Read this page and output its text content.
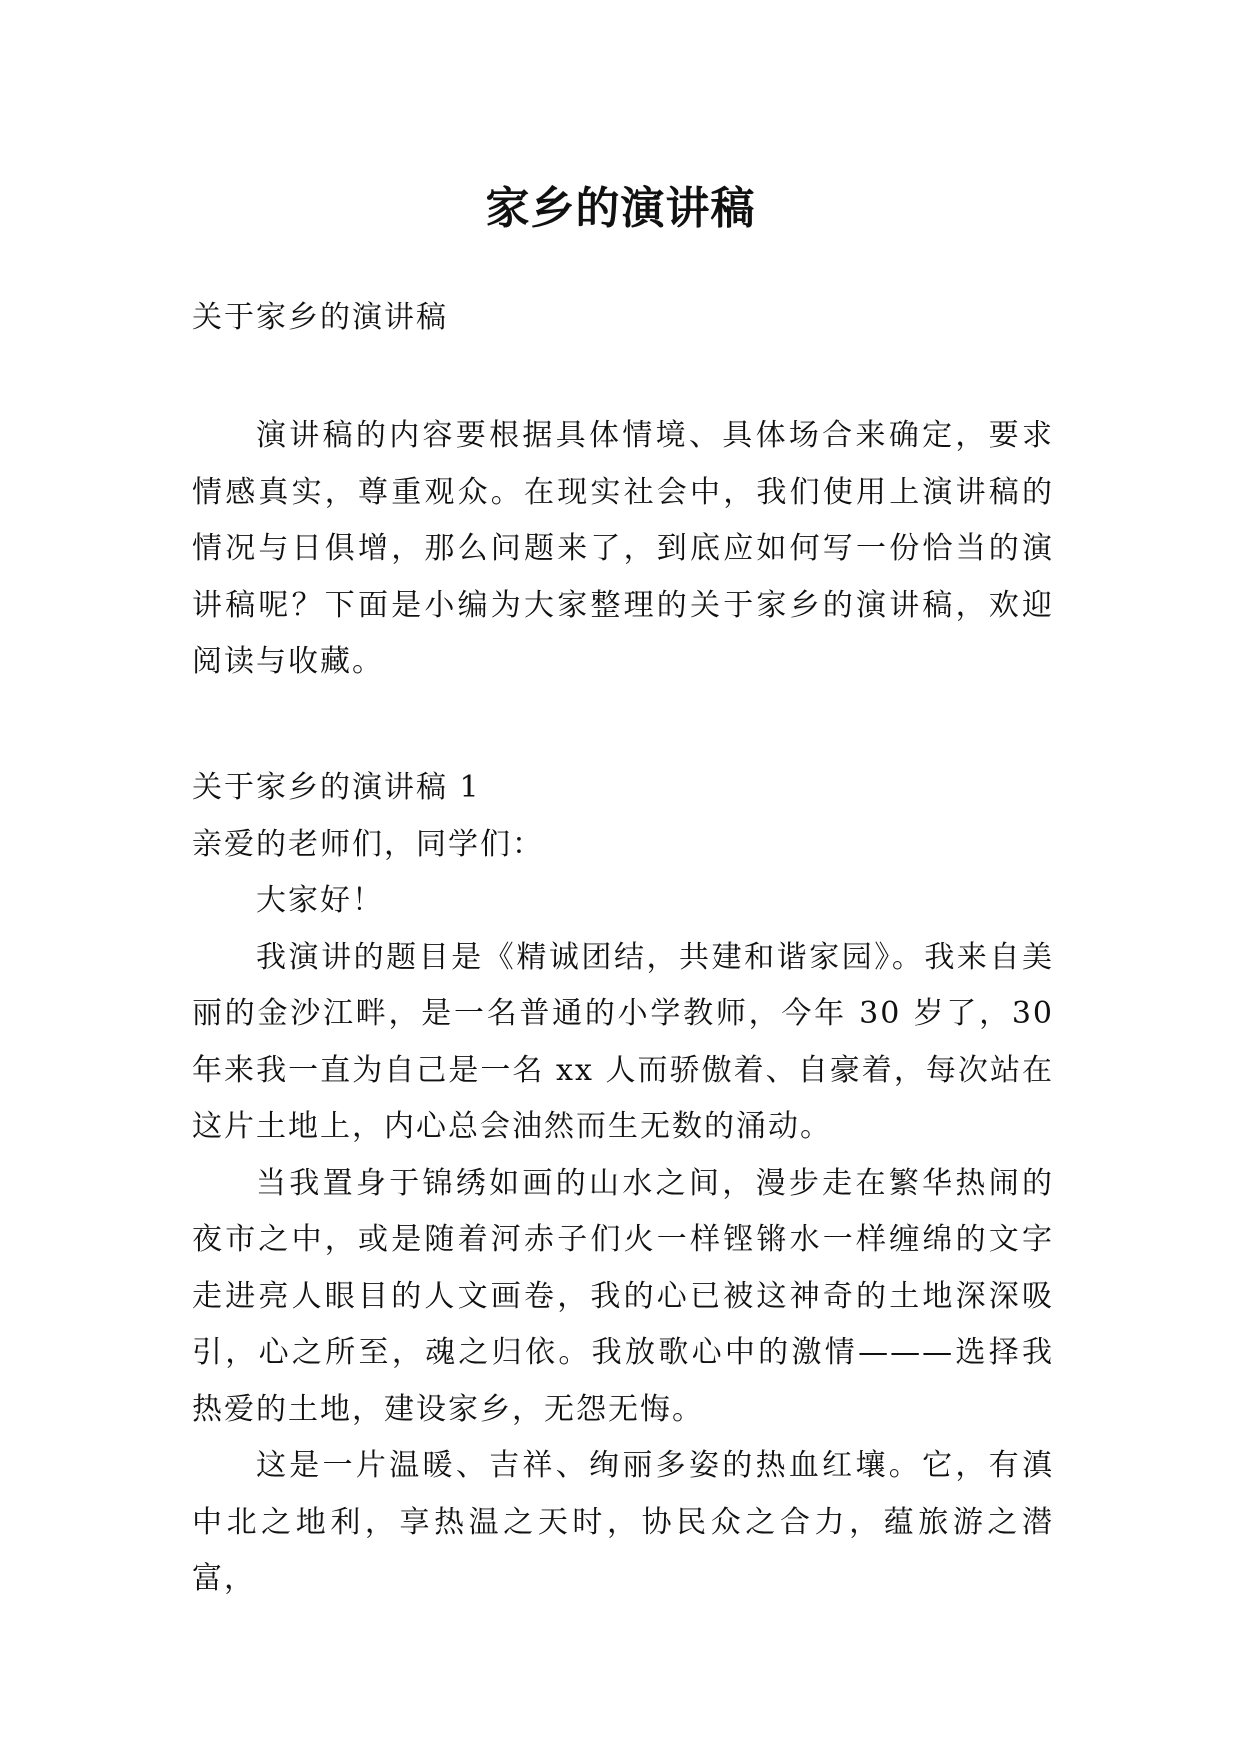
家乡的演讲稿
关于家乡的演讲稿

演讲稿的内容要根据具体情境、具体场合来确定，要求情感真实，尊重观众。在现实社会中，我们使用上演讲稿的情况与日俱增，那么问题来了，到底应如何写一份恰当的演讲稿呢？下面是小编为大家整理的关于家乡的演讲稿，欢迎阅读与收藏。

关于家乡的演讲稿 1

亲爱的老师们，同学们：

大家好！

我演讲的题目是《精诚团结，共建和谐家园》。我来自美丽的金沙江畔，是一名普通的小学教师，今年 30 岁了，30 年来我一直为自己是一名 xx 人而骄傲着、自豪着，每次站在这片土地上，内心总会油然而生无数的涌动。

当我置身于锦绣如画的山水之间，漫步走在繁华热闹的夜市之中，或是随着河赤子们火一样铿锵水一样缠绵的文字走进亮人眼目的人文画卷，我的心已被这神奇的土地深深吸引，心之所至，魂之归依。我放歌心中的激情———选择我热爱的土地，建设家乡，无怨无悔。

这是一片温暖、吉祥、绚丽多姿的热血红壤。它，有滇中北之地利，享热温之天时，协民众之合力，蕴旅游之潜富，
